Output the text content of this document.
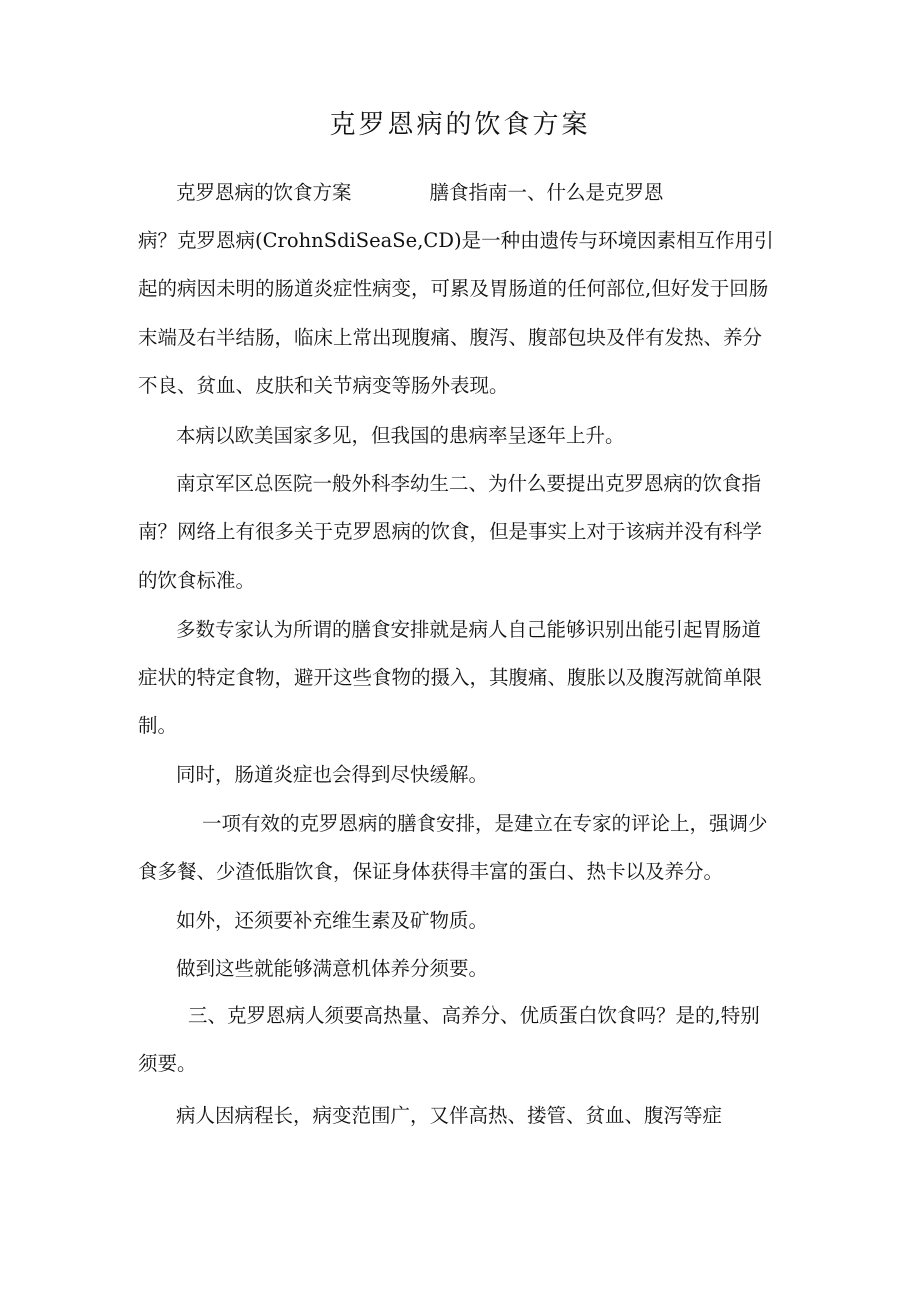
克罗恩病的饮食方案

克罗恩病的饮食方案　　　　膳食指南一、什么是克罗恩

病？克罗恩病(CrohnSdiSeaSe,CD)是一种由遗传与环境因素相互作用引

起的病因未明的肠道炎症性病变，可累及胃肠道的任何部位,但好发于回肠

末端及右半结肠，临床上常出现腹痛、腹泻、腹部包块及伴有发热、养分

不良、贫血、皮肤和关节病变等肠外表现。

本病以欧美国家多见，但我国的患病率呈逐年上升。

南京军区总医院一般外科李幼生二、为什么要提出克罗恩病的饮食指

南？网络上有很多关于克罗恩病的饮食，但是事实上对于该病并没有科学

的饮食标准。

多数专家认为所谓的膳食安排就是病人自己能够识别出能引起胃肠道

症状的特定食物，避开这些食物的摄入，其腹痛、腹胀以及腹泻就简单限

制。

同时，肠道炎症也会得到尽快缓解。

一项有效的克罗恩病的膳食安排，是建立在专家的评论上，强调少

食多餐、少渣低脂饮食，保证身体获得丰富的蛋白、热卡以及养分。

如外，还须要补充维生素及矿物质。

做到这些就能够满意机体养分须要。

三、克罗恩病人须要高热量、高养分、优质蛋白饮食吗？是的,特别

须要。

病人因病程长，病变范围广，又伴高热、搂管、贫血、腹泻等症
